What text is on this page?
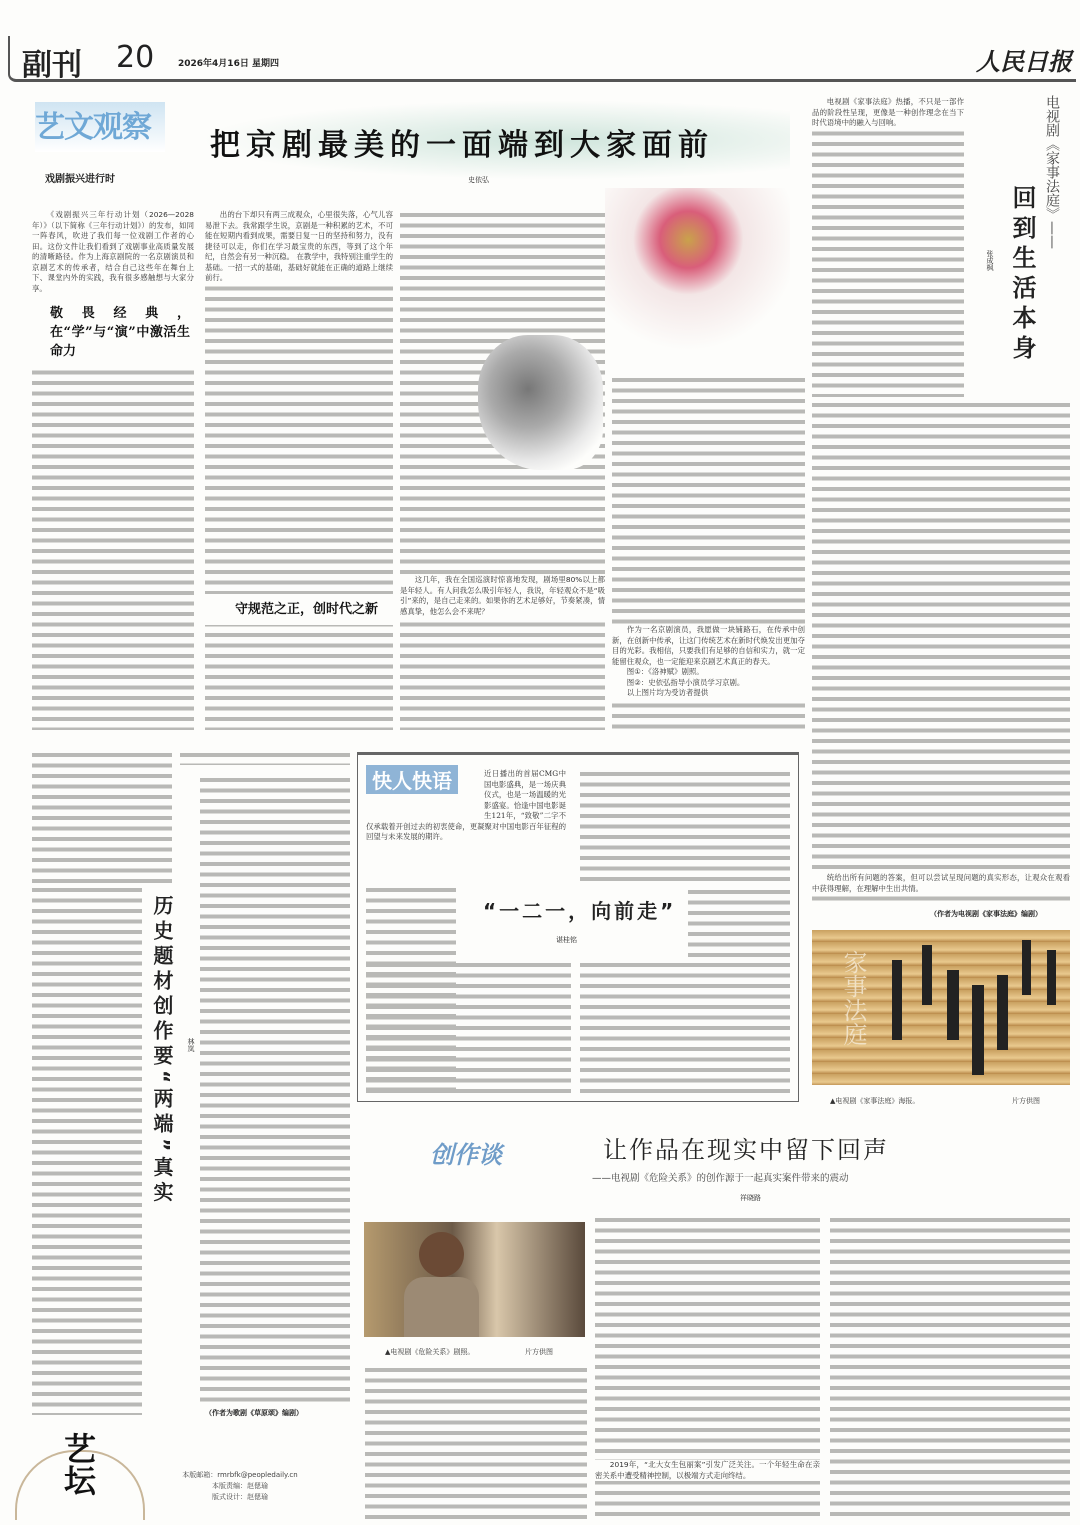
副刊 20	2026年4月16日 星期四	人民日报
艺文观察
戏剧振兴进行时
把京剧最美的一面端到大家面前
史依弘

《戏剧振兴三年行动计划（2026—2028年）》（以下简称《三年行动计划》）的发布，如同一阵春风，吹进了我们每一位戏剧工作者的心田。这份文件让我们看到了戏剧事业高质量发展的清晰路径。作为上海京剧院的一名京剧演员和京剧艺术的传承者，结合自己这些年在舞台上下、课堂内外的实践，我有很多感触想与大家分享。

敬畏经典，在“学”与“演”中激活生命力

出的台下却只有两三成观众，心里很失落，心气儿容易泄下去。我常跟学生说，京剧是一种积累的艺术，不可能在短期内看到成果，需要日复一日的坚持和努力，没有捷径可以走，你们在学习最宝贵的东西，等到了这个年纪，自然会有另一种沉稳。 在教学中，我特别注重学生的基础。一招一式的基础，基础好就能在正确的道路上继续前行。

守规范之正，创时代之新

这几年，我在全国巡演时惊喜地发现，剧场里80%以上都是年轻人。有人问我怎么吸引年轻人，我说，年轻观众不是“吸引”来的，是自己走来的。如果你的艺术足够好，节奏紧凑，情感真挚，他怎么会不来呢？

作为一名京剧演员，我愿做一块铺路石，在传承中创新，在创新中传承，让这门传统艺术在新时代焕发出更加夺目的光彩。我相信，只要我们有足够的自信和实力，就一定能留住观众，也一定能迎来京剧艺术真正的春天。

图①：《洛神赋》剧照。
图②：史依弘指导小演员学习京剧。
以上图片均为受访者提供

电视剧《家事法庭》热播，不只是一部作品的阶段性呈现，更像是一种创作理念在当下时代语境中的融入与回响。	电视剧《家事法庭》——
回到生活本身
张成枫

统给出所有问题的答案，但可以尝试呈现问题的真实形态，让观众在观看中获得理解，在理解中生出共情。

（作者为电视剧《家事法庭》编剧）
家事法庭
▲电视剧《家事法庭》海报。	片方供图
历史题材创作要“两端”真实	林岚
（作者为歌剧《草原颂》编剧）
近日播出的首届CMG中国电影盛典，是一场庆典仪式，也是一场温暖的光影盛宴。恰逢中国电影诞生121年，“致敬”二字不仅承载着开创过去的初衷使命，更凝聚对中国电影百年征程的回望与未来发展的期许。
快人快语
“一二一，向前走”
谌桂铭
创作谈	让作品在现实中留下回声
——电视剧《危险关系》的创作源于一起真实案件带来的震动
祥晓路
▲电视剧《危险关系》剧照。	片方供图

2019年，“北大女生包丽案”引发广泛关注。一个年轻生命在亲密关系中遭受精神控制，以极端方式走向终结。

艺坛	本版邮箱：rmrbfk@peopledaily.cn
本版责编：赵偲瑜
版式设计：赵偲瑜
